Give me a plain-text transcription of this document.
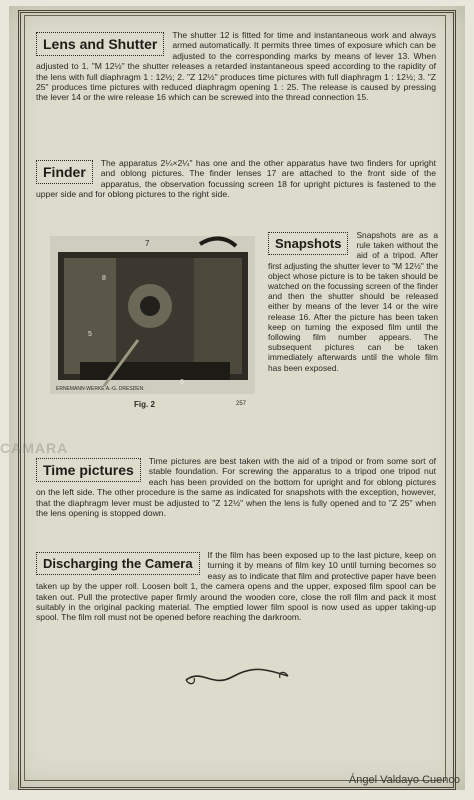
CAMARA
Lens and Shutter

The shutter 12 is fitted for time and instantaneous work and always armed automatically. It permits three times of exposure which can be adjusted to the corresponding marks by means of lever 13. When adjusted to 1. "M 12½" the shutter releases a retarded instantaneous speed according to the rapidity of the lens with full diaphragm 1 : 12½; 2. "Z 12½" produces time pictures with full diaphragm 1 : 12½; 3. "Z 25" produces time pictures with reduced diaphragm opening 1 : 25. The release is caused by pressing the lever 14 or the wire release 16 which can be screwed into the thread connection 15.

Finder

The apparatus 2¼×2¼" has one and the other apparatus have two finders for upright and oblong pictures. The finder lenses 17 are attached to the front side of the apparatus, the observation focussing screen 18 for upright pictures is fastened to the upper side and for oblong pictures to the right side.

7
8
5
6
Fig. 2	257
ERNEMANN-WERKE A.-G. DRESDEN.
Snapshots

Snapshots are as a rule taken without the aid of a tripod. After first adjusting the shutter lever to "M 12½" the object whose picture is to be taken should be watched on the focussing screen of the finder and then the shutter should be released either by means of the lever 14 or the wire release 16. After the picture has been taken keep on turning the exposed film until the following film number appears. The subsequent pictures can be taken immediately afterwards until the whole film has been exposed.

Time pictures

Time pictures are best taken with the aid of a tripod or from some sort of stable foundation. For screwing the apparatus to a tripod one tripod nut each has been provided on the bottom for upright and for oblong pictures on the left side. The other procedure is the same as indicated for snapshots with the exception, however, that the diaphragm lever must be adjusted to "Z 12½" when the lens is fully opened and to "Z 25" when the lens opening is stopped down.

Discharging the Camera

If the film has been exposed up to the last picture, keep on turning it by means of film key 10 until turning becomes so easy as to indicate that film and protective paper have been taken up by the upper roll. Loosen bolt 1, the camera opens and the upper, exposed film spool can be taken out. Pull the protective paper firmly around the wooden core, close the roll film and pack it most suitably in the original packing material. The emptied lower film spool is now used as upper taking-up spool. The film roll must not be opened before reaching the darkroom.

Ángel Valdayo Cuenco
